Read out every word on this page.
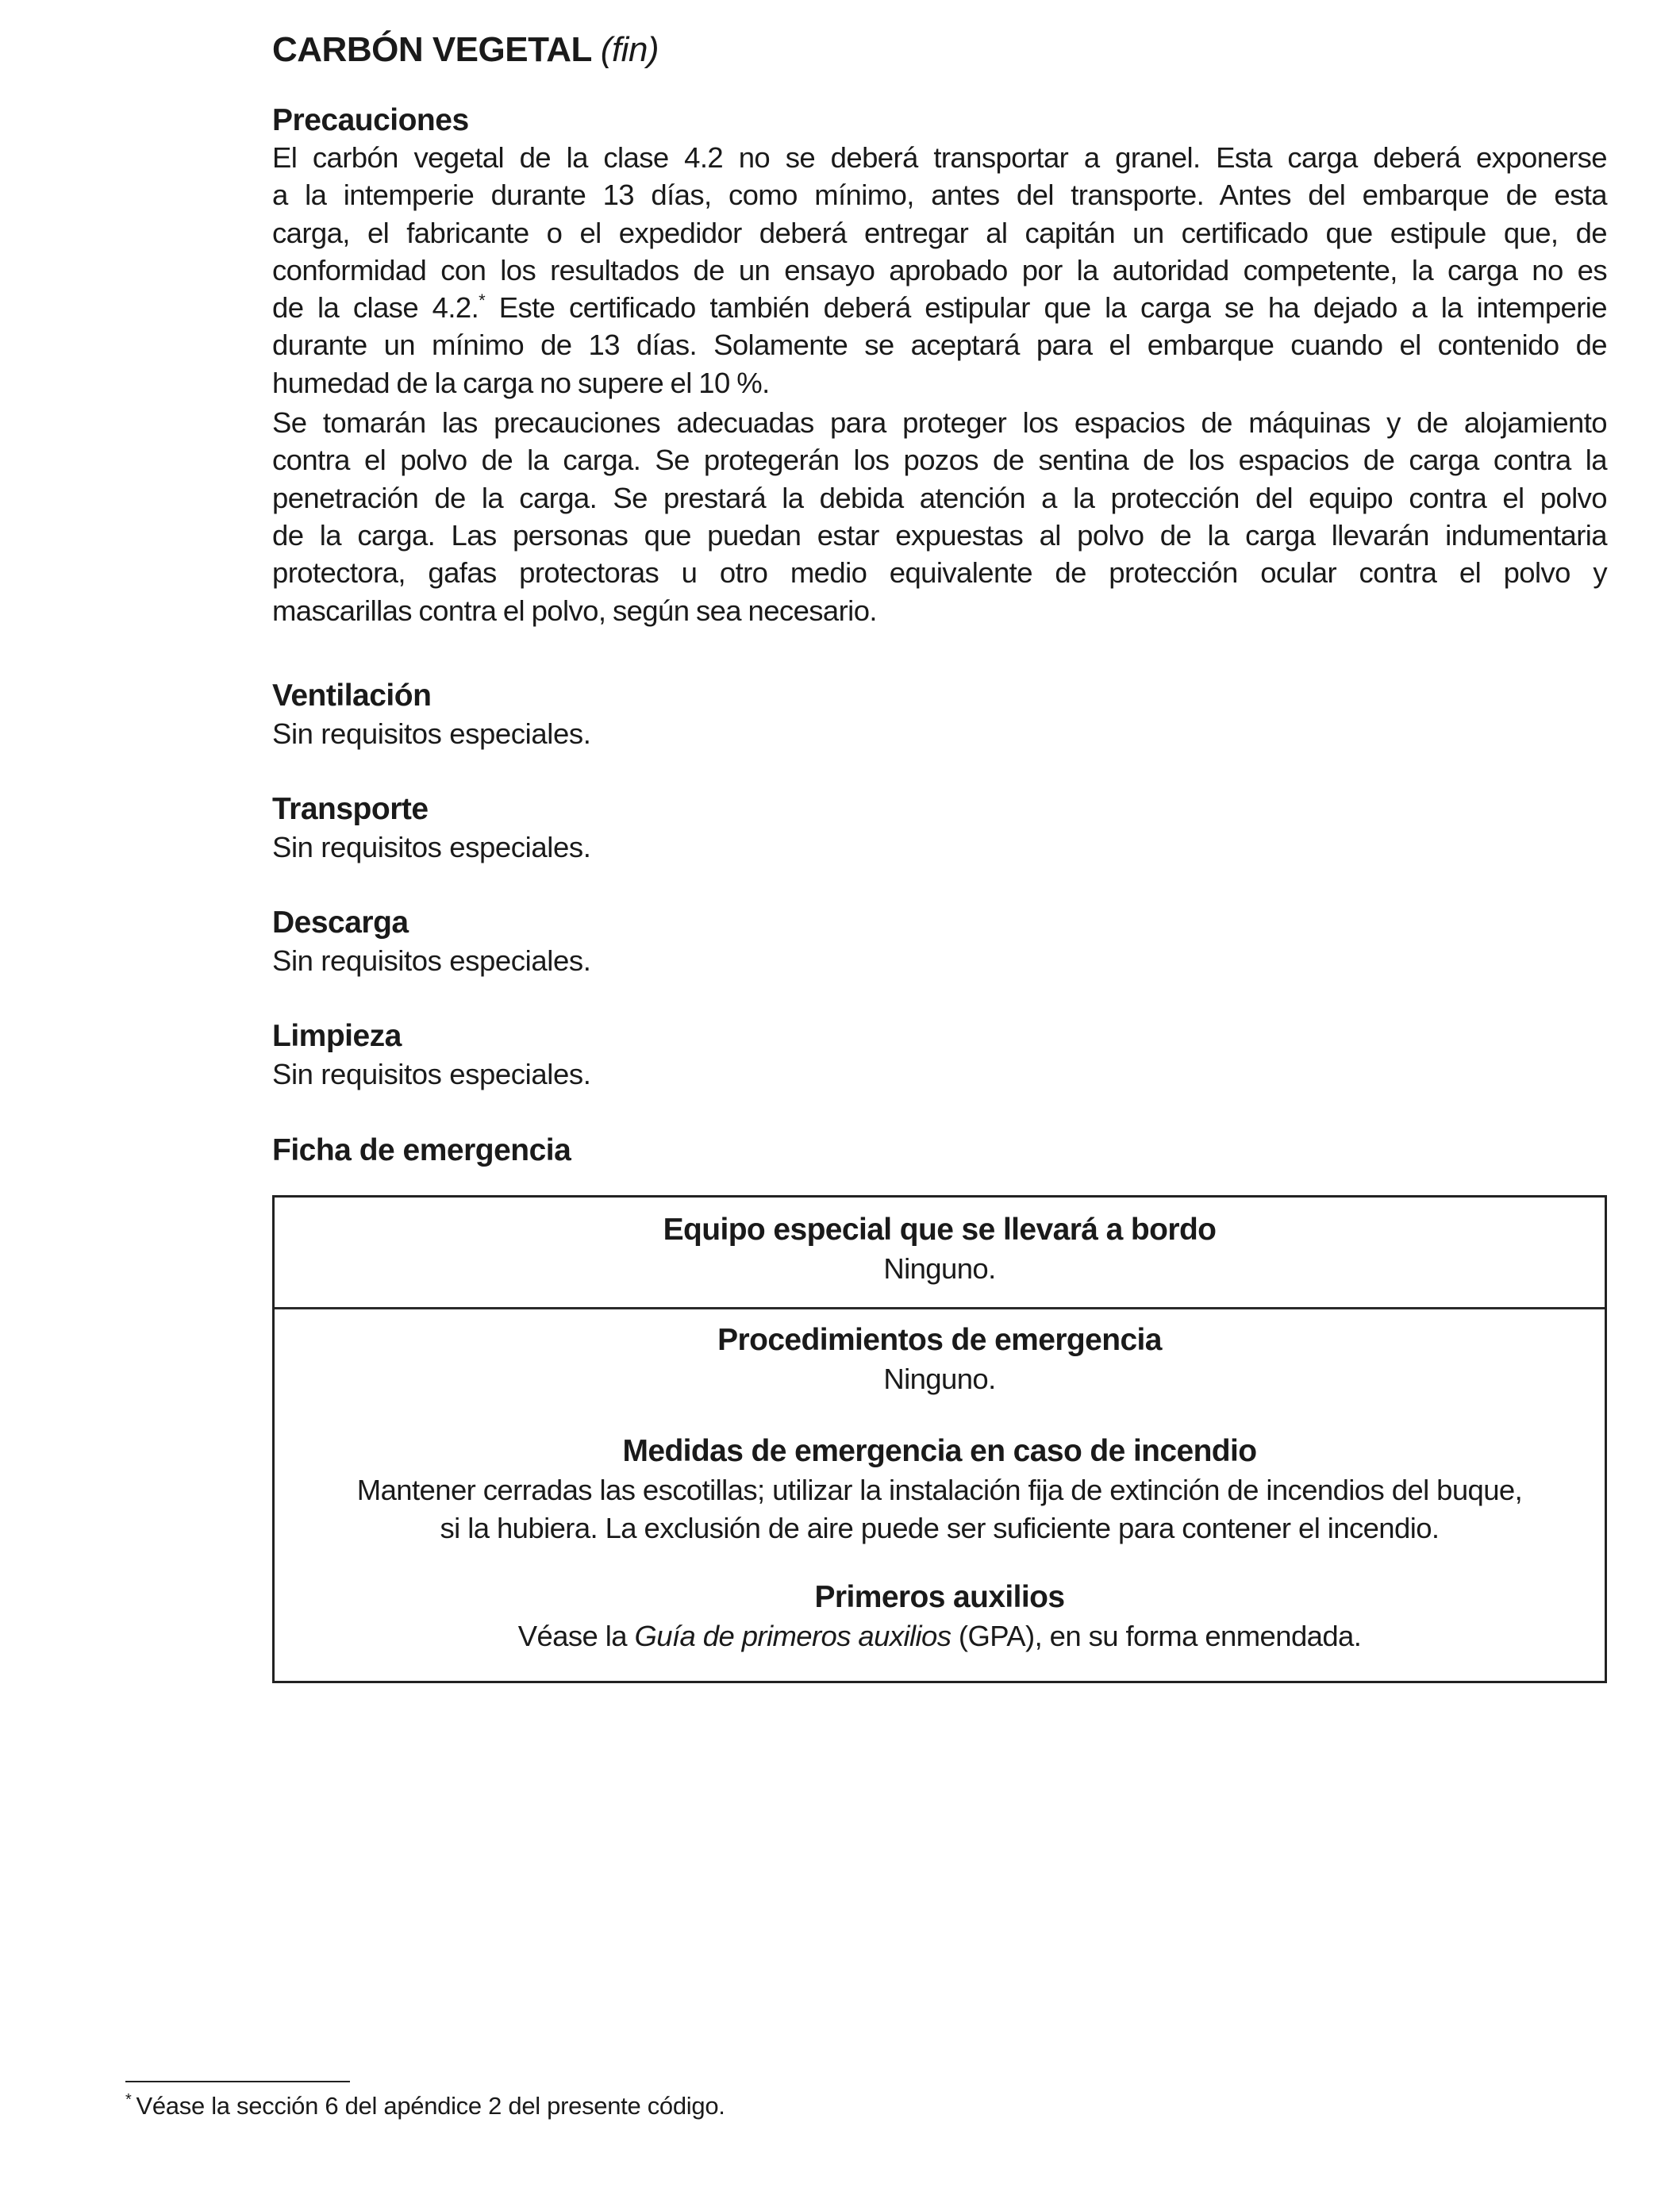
CARBÓN VEGETAL (fin)
Precauciones
El carbón vegetal de la clase 4.2 no se deberá transportar a granel. Esta carga deberá exponerse
a la intemperie durante 13 días, como mínimo, antes del transporte. Antes del embarque de esta
carga, el fabricante o el expedidor deberá entregar al capitán un certificado que estipule que, de
conformidad con los resultados de un ensayo aprobado por la autoridad competente, la carga no es
de la clase 4.2.* Este certificado también deberá estipular que la carga se ha dejado a la intemperie
durante un mínimo de 13 días. Solamente se aceptará para el embarque cuando el contenido de
humedad de la carga no supere el 10 %.
Se tomarán las precauciones adecuadas para proteger los espacios de máquinas y de alojamiento
contra el polvo de la carga. Se protegerán los pozos de sentina de los espacios de carga contra la
penetración de la carga. Se prestará la debida atención a la protección del equipo contra el polvo
de la carga. Las personas que puedan estar expuestas al polvo de la carga llevarán indumentaria
protectora, gafas protectoras u otro medio equivalente de protección ocular contra el polvo y
mascarillas contra el polvo, según sea necesario.
Ventilación
Sin requisitos especiales.
Transporte
Sin requisitos especiales.
Descarga
Sin requisitos especiales.
Limpieza
Sin requisitos especiales.
Ficha de emergencia
Equipo especial que se llevará a bordo
Ninguno.
Procedimientos de emergencia
Ninguno.
Medidas de emergencia en caso de incendio
Mantener cerradas las escotillas; utilizar la instalación fija de extinción de incendios del buque,
si la hubiera. La exclusión de aire puede ser suficiente para contener el incendio.
Primeros auxilios
Véase la Guía de primeros auxilios (GPA), en su forma enmendada.
* Véase la sección 6 del apéndice 2 del presente código.
